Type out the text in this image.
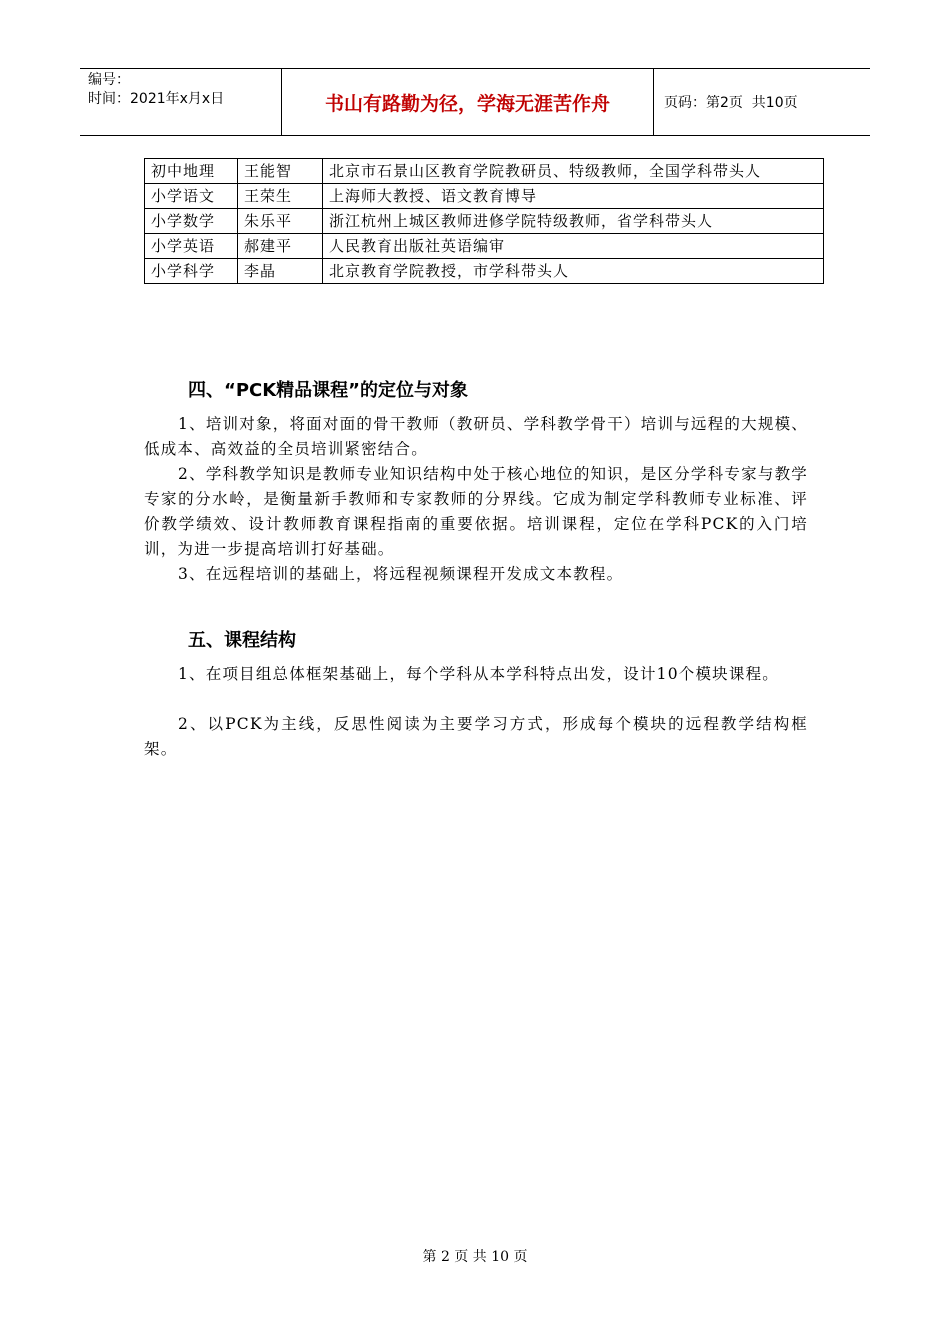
编号：
时间：2021年x月x日	书山有路勤为径，学海无涯苦作舟	页码：第2页  共10页
初中地理	王能智	北京市石景山区教育学院教研员、特级教师，全国学科带头人
小学语文	王荣生	上海师大教授、语文教育博导
小学数学	朱乐平	浙江杭州上城区教师进修学院特级教师，省学科带头人
小学英语	郝建平	人民教育出版社英语编审
小学科学	李晶	北京教育学院教授，市学科带头人
四、“PCK精品课程”的定位与对象

1、培训对象，将面对面的骨干教师（教研员、学科教学骨干）培训与远程的大规模、低成本、高效益的全员培训紧密结合。

2、学科教学知识是教师专业知识结构中处于核心地位的知识，是区分学科专家与教学专家的分水岭，是衡量新手教师和专家教师的分界线。它成为制定学科教师专业标准、评价教学绩效、设计教师教育课程指南的重要依据。培训课程，定位在学科PCK的入门培训，为进一步提高培训打好基础。

3、在远程培训的基础上，将远程视频课程开发成文本教程。

五、课程结构

1、在项目组总体框架基础上，每个学科从本学科特点出发，设计10个模块课程。

2、以PCK为主线，反思性阅读为主要学习方式，形成每个模块的远程教学结构框架。

第 2 页 共 10 页
